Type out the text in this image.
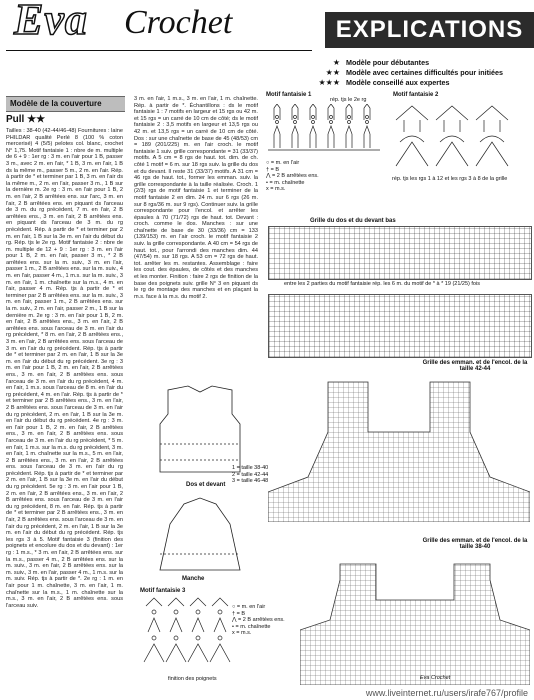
Eva Crochet	EXPLICATIONS
★ Modèle pour débutantes
★★ Modèle avec certaines difficultés pour initiées
★★★ Modèle conseillé aux expertes
Modèle de la couverture
Pull ★★
Tailles : 38-40 (42-44/46-48) Fournitures : laine PHILDAR qualité Perlé 8 (100 % coton mercerisé) 4 (5/5) pelotes col. blanc, crochet N° 1,75. Motif fantaisie 1 : nbre de m. multiple de 6 + 9 : 1er rg : 3 m. en l'air pour 1 B, passer 3 m., avec 2 m. en l'air, * 1 B, 3 m. en l'air, 1 B ds la même m., passer 5 m., 2 m. en l'air. Rép. à partir de * et terminer par 1 B, 3 m. en l'air ds la même m., 2 m. en l'air, passer 3 m., 1 B sur la dernière m. 2e rg : 3 m. en l'air pour 1 B, 2 m. en l'air, 2 B arrêtées ens. sur l'arc, 3 m. en l'air, 2 B arrêtées ens. en piquant ds l'arceau de 3 m. du rg précédent, 7 m. en l'air, 2 B arrêtées ens., 3 m. en l'air, 2 B arrêtées ens. en piquant ds l'arceau de 3 m. du rg précédent. Rép. à partir de * et terminer par 2 m. en l'air, 1 B sur la 3e m. en l'air du début du rg. Rép. tjs le 2e rg. Motif fantaisie 2 : nbre de m. multiple de 12 + 9 : 1er rg : 3 m. en l'air pour 1 B, 2 m. en l'air, passer 3 m., * 2 B arrêtées ens. sur la m. suiv., 3 m. en l'air, passer 1 m., 2 B arrêtées ens. sur la m. suiv., 4 m. en l'air, passer 4 m., 1 m.s. sur la m. suiv., 3 m. en l'air, 1 m. chaînette sur la m.s., 4 m. en l'air, passer 4 m. Rép. tjs à partir de * et terminer par 2 B arrêtées ens. sur la m. suiv., 3 m. en l'air, passer 1 m., 2 B arrêtées ens. sur la m. suiv., 2 m. en l'air, passer 2 m., 1 B sur la dernière m. 2e rg : 3 m. en l'air pour 1 B, 2 m. en l'air, 2 B arrêtées ens., 3 m. en l'air, 2 B arrêtées ens. sous l'arceau de 3 m. en l'air du rg précédent, * 8 m. en l'air, 2 B arrêtées ens., 3 m. en l'air, 2 B arrêtées ens. sous l'arceau de 3 m. en l'air du rg précédent. Rép. tjs à partir de * et terminer par 2 m. en l'air, 1 B sur la 3e m. en l'air du début du rg précédent. 3e rg : 3 m. en l'air pour 1 B, 2 m. en l'air, 2 B arrêtées ens., 3 m. en l'air, 2 B arrêtées ens. sous l'arceau de 3 m. en l'air du rg précédent, 4 m. en l'air, 1 m.s. sous l'arceau de 8 m. en l'air du rg précédent, 4 m. en l'air. Rép. tjs à partir de * et terminer par 2 B arrêtées ens., 3 m. en l'air, 2 B arrêtées ens. sous l'arceau de 3 m. en l'air du rg précédent, 2 m. en l'air, 1 B sur la 3e m. en l'air du début du rg précédent. 4e rg : 3 m. en l'air pour 1 B, 2 m. en l'air, 2 B arrêtées ens., 3 m. en l'air, 2 B arrêtées ens. sous l'arceau de 3 m. en l'air du rg précédent, * 5 m. en l'air, 1 m.s. sur la m.s. du rg précédent, 3 m. en l'air, 1 m. chaînette sur la m.s., 5 m. en l'air, 2 B arrêtées ens., 3 m. en l'air, 2 B arrêtées ens. sous l'arceau de 3 m. en l'air du rg précédent. Rép. tjs à partir de * et terminer par 2 m. en l'air, 1 B sur la 3e m. en l'air du début du rg précédent. 5e rg : 3 m. en l'air pour 1 B, 2 m. en l'air, 2 B arrêtées ens., 3 m. en l'air, 2 B arrêtées ens. sous l'arceau de 3 m. en l'air du rg précédent, 8 m. en l'air. Rép. tjs à partir de * et terminer par 2 B arrêtées ens., 3 m. en l'air, 2 B arrêtées ens. sous l'arceau de 3 m. en l'air du rg précédent, 2 m. en l'air, 1 B sur la 3e m. en l'air du début du rg précédent. Rép. tjs les rgs 3 à 5. Motif fantaisie 3 (finition des poignets et encolure du dos et du devant) : 1er rg : 1 m.s., * 3 m. en l'air, 2 B arrêtées ens. sur la m.s., passer 4 m., 2 B arrêtées ens. sur la m. suiv., 3 m. en l'air, 2 B arrêtées ens. sur la m. suiv., 3 m. en l'air, passer 4 m., 1 m.s. sur la m. suiv. Rép. tjs à partir de *. 2e rg : 1 m. en l'air pour 1 m. chaînette, 3 m. en l'air, 1 m. chaînette sur la m.s., 1 m. chaînette sur la m.s., 3 m. en l'air, 2 B arrêtées ens. sous l'arceau suiv.
3 m. en l'air, 1 m.s., 3 m. en l'air, 1 m. chaînette. Rép. à partir de *. Échantillons : ds le motif fantaisie 1 : 7 motifs en largeur et 15 rgs ou 42 m. et 15 rgs = un carré de 10 cm de côté; ds le motif fantaisie 2 : 3,5 motifs en largeur et 13,5 rgs ou 42 m. et 13,5 rgs = un carré de 10 cm de côté. Dos : sur une chaînette de base de 45 (48/53) cm = 189 (201/225) m. en l'air croch. le motif fantaisie 1 suiv. grille correspondante = 31 (33/37) motifs. A 5 cm = 8 rgs de haut. tot. dim. de ch. côté 1 motif = 6 m. sur 18 rgs suiv. la grille du dos et du devant. Il reste 31 (33/37) motifs. A 31 cm = 46 rgs de haut. tot., former les emman. suiv. la grille correspondante à la taille réalisée. Croch. 1 (2/3) rgs de motif fantaisie 1 et terminer de la motif fantaisie 2 en dim. 24 m. sur 6 rgs (26 m. sur 8 rgs/36 m. sur 9 rgs). Continuer suiv. la grille correspondante pour l'encol. et arrêter les épaules à 70 (71/72) rgs de haut. tot. Devant : croch. comme le dos. Manches : sur une chaînette de base de 30 (33/36) cm = 133 (139/153) m. en l'air croch. le motif fantaisie 2 suiv. la grille correspondante. A 40 cm = 54 rgs de haut. tot., pour l'arrondi des manches dim. 44 (47/54) m. sur 18 rgs. A 53 cm = 72 rgs de haut. tot. arrêter les m. restantes. Assemblage : faire les cout. des épaules, de côtés et des manches et les monter. Finition : faire 2 rgs de finition de la base des poignets suiv. grille N° 3 en piquant ds le rg de montage des manches et en plaçant la m.s. face à la m.s. du motif 2.
Motif fantaisie 1
rép. tjs le 2e rg
Motif fantaisie 2
rép. tjs les rgs 1 à 12 et les rgs 3 à 8 de la grille
○ = m. en l'air
† = B
⋀ = 2 B arrêtées ens.
• = m. chaînette
x = m.s.
Grille du dos et du devant bas
entre les 2 parties du motif fantaisie rép. les 6 m. du motif de * à * 19 (21/25) fois
Grille des emman. et de l'encol. de la taille 42-44
Dos et devant
1 = taille 38-40
2 = taille 42-44
3 = taille 46-48
Manche
Motif fantaisie 3
finition des poignets
○ = m. en l'air
† = B
⋀ = 2 B arrêtées ens.
• = m. chaînette
x = m.s.
Grille des emman. et de l'encol. de la taille 38-40
Eva Crochet
www.liveinternet.ru/users/irafe767/profile
